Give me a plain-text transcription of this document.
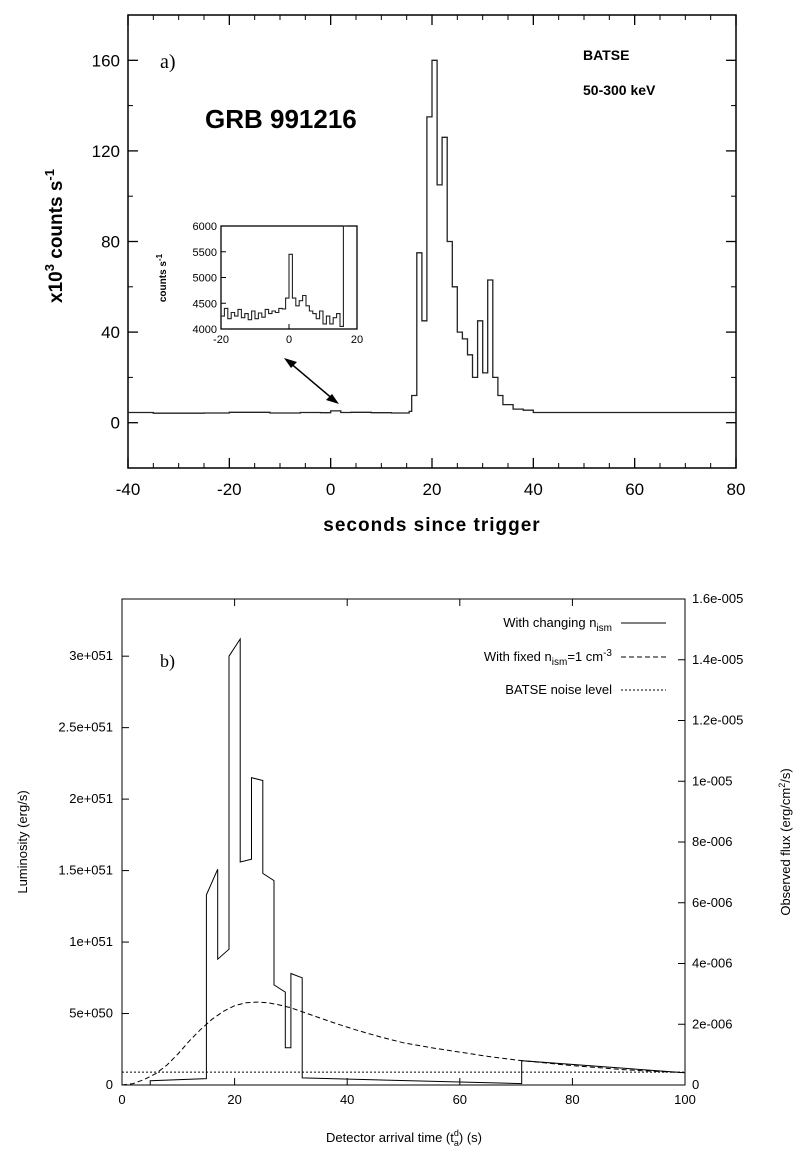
-40	-20	0	20	40	60	80
0
40
80
120
160 a)
GRB 991216
BATSE
50-300 keV
seconds since trigger
$x10^3$ counts $s^{-1}$
-20	0	20
4000
4500
5000
5500
6000
counts $s^{-1}$
0	20	40	60	80	100
0
5e+050
1e+051
1.5e+051
2e+051
2.5e+051
3e+051
0
2e-006
4e-006
6e-006
8e-006
1e-005
1.2e-005
1.4e-005
1.6e-005
b)
Detector arrival time $(t_ad)$ (s)
Luminosity (erg/s)	Observed flux $(erg/cm^2/s)$
With changing $n_{ism}$
With fixed $n_{ism}=1$ $cm^{-3}$
BATSE noise level
